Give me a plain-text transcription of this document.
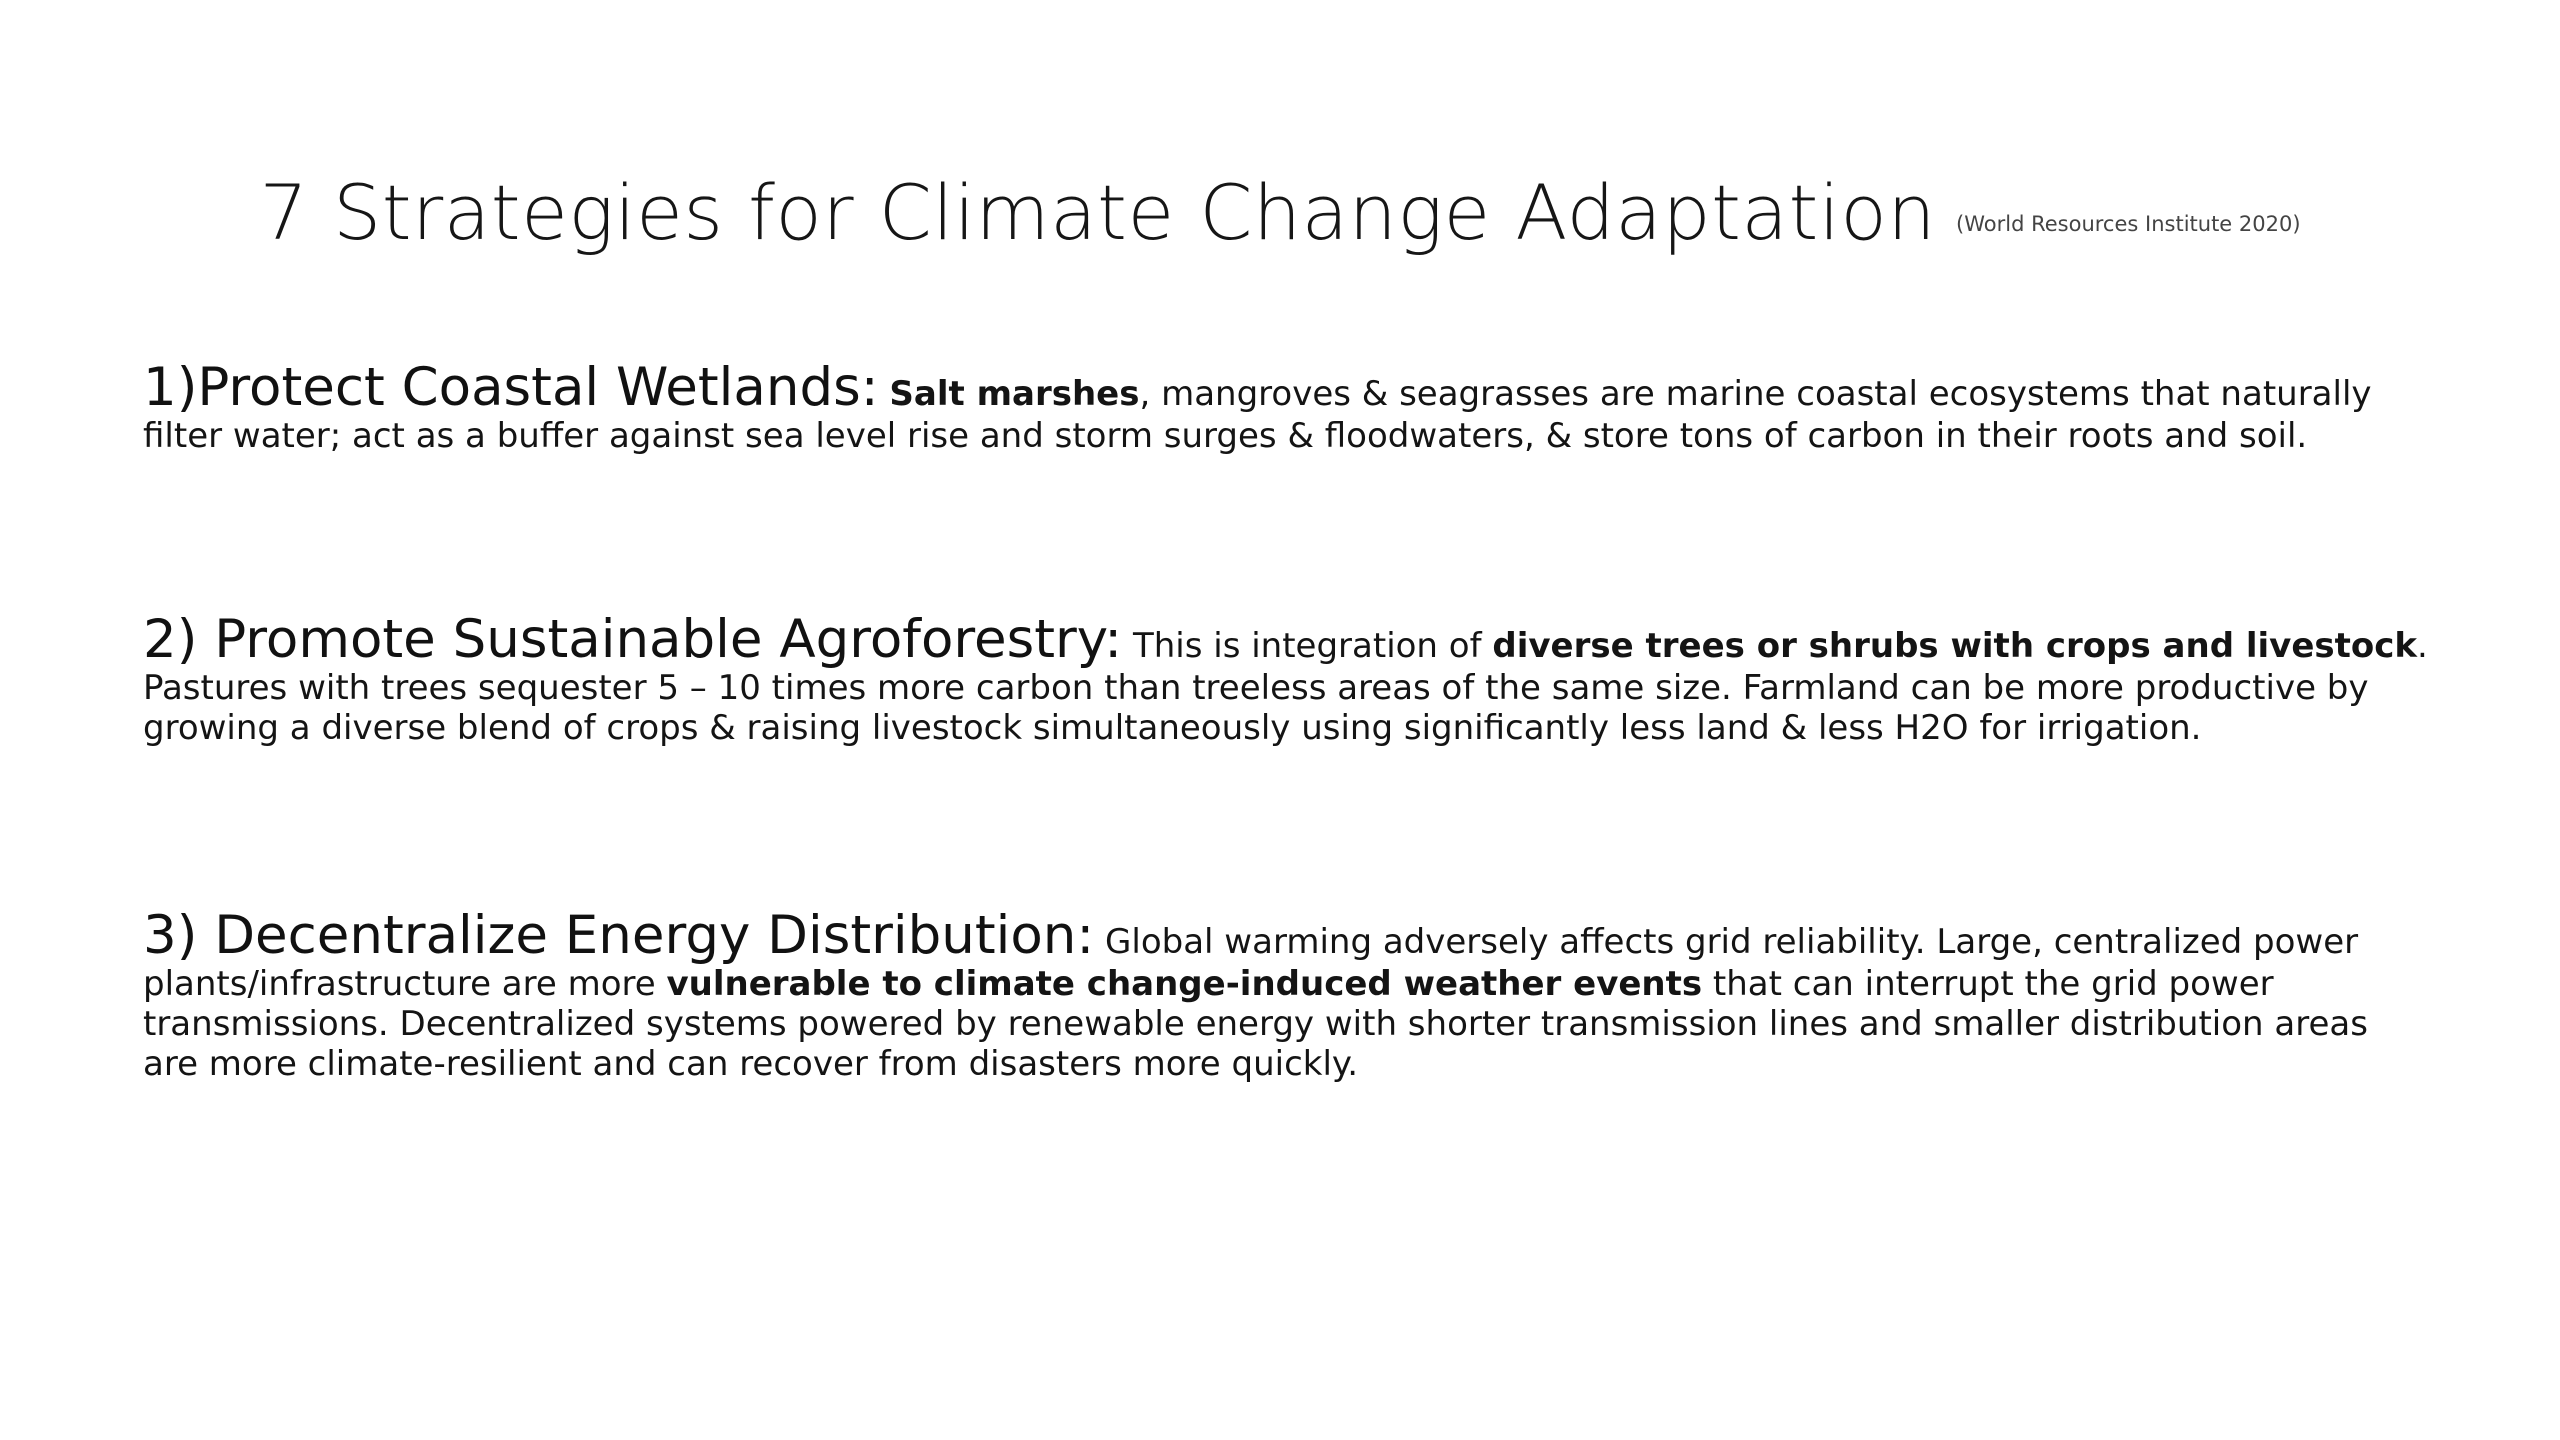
7 Strategies for Climate Change Adaptation (World Resources Institute 2020)
1)Protect Coastal Wetlands: Salt marshes, mangroves & seagrasses are marine coastal ecosystems that naturally filter water; act as a buffer against sea level rise and storm surges & floodwaters, & store tons of carbon in their roots and soil.
2) Promote Sustainable Agroforestry: This is integration of diverse trees or shrubs with crops and livestock. Pastures with trees sequester 5 – 10 times more carbon than treeless areas of the same size. Farmland can be more productive by growing a diverse blend of crops & raising livestock simultaneously using significantly less land & less H2O for irrigation.
3) Decentralize Energy Distribution: Global warming adversely affects grid reliability. Large, centralized power plants/infrastructure are more vulnerable to climate change-induced weather events that can interrupt the grid power transmissions. Decentralized systems powered by renewable energy with shorter transmission lines and smaller distribution areas are more climate-resilient and can recover from disasters more quickly.
